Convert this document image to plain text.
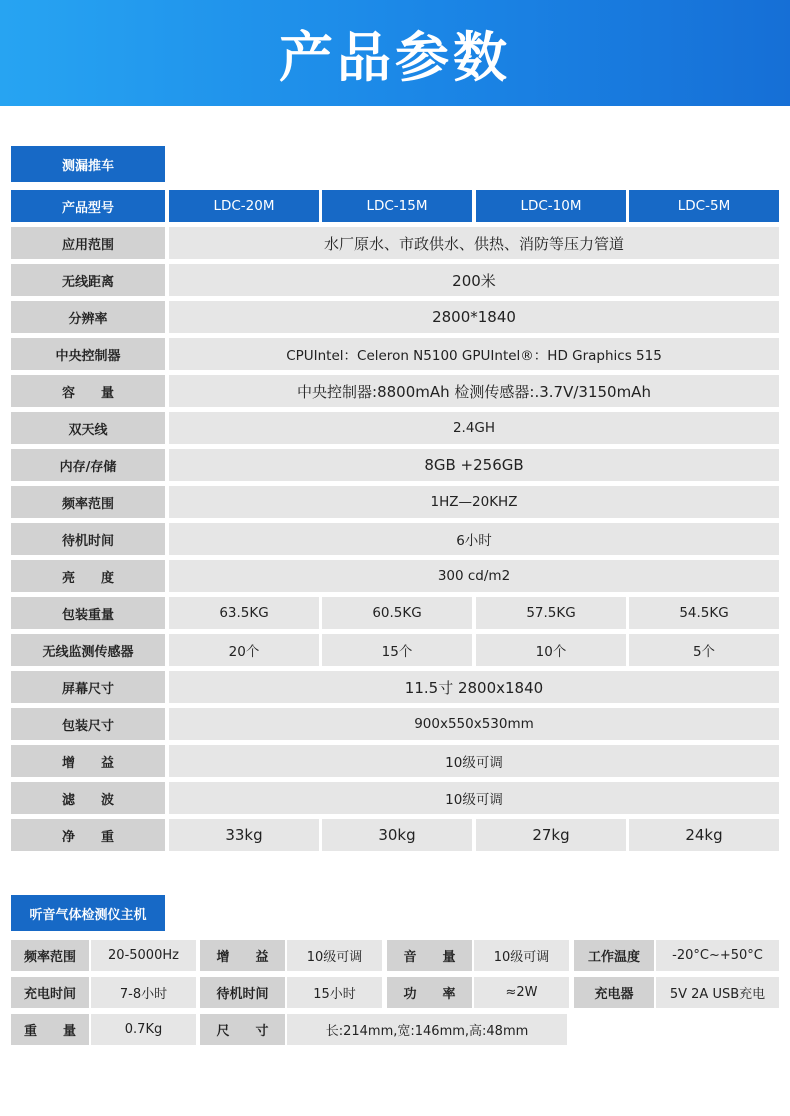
产品参数
测漏推车
产品型号	LDC-20M	LDC-15M	LDC-10M	LDC-5M
应用范围	水厂原水、市政供水、供热、消防等压力管道
无线距离	200米
分辨率	2800*1840
中央控制器	CPUIntel：Celeron N5100 GPUIntel®：HD Graphics 515
容　　量	中央控制器:8800mAh 检测传感器:.3.7V/3150mAh
双天线	2.4GH
内存/存储	8GB +256GB
频率范围	1HZ—20KHZ
待机时间	6小时
亮　　度	300 cd/m2
包装重量	63.5KG	60.5KG	57.5KG	54.5KG
无线监测传感器	20个	15个	10个	5个
屏幕尺寸	11.5寸 2800x1840
包装尺寸	900x550x530mm
增　　益	10级可调
滤　　波	10级可调
净　　重	33kg	30kg	27kg	24kg
听音气体检测仪主机
频率范围	20-5000Hz	增　　益	10级可调	音　　量	10级可调	工作温度	-20°C~+50°C
充电时间	7-8小时	待机时间	15小时	功　　率	≈2W	充电器	5V 2A USB充电
重　　量	0.7Kg	尺　　寸	长:214mm,宽:146mm,高:48mm
